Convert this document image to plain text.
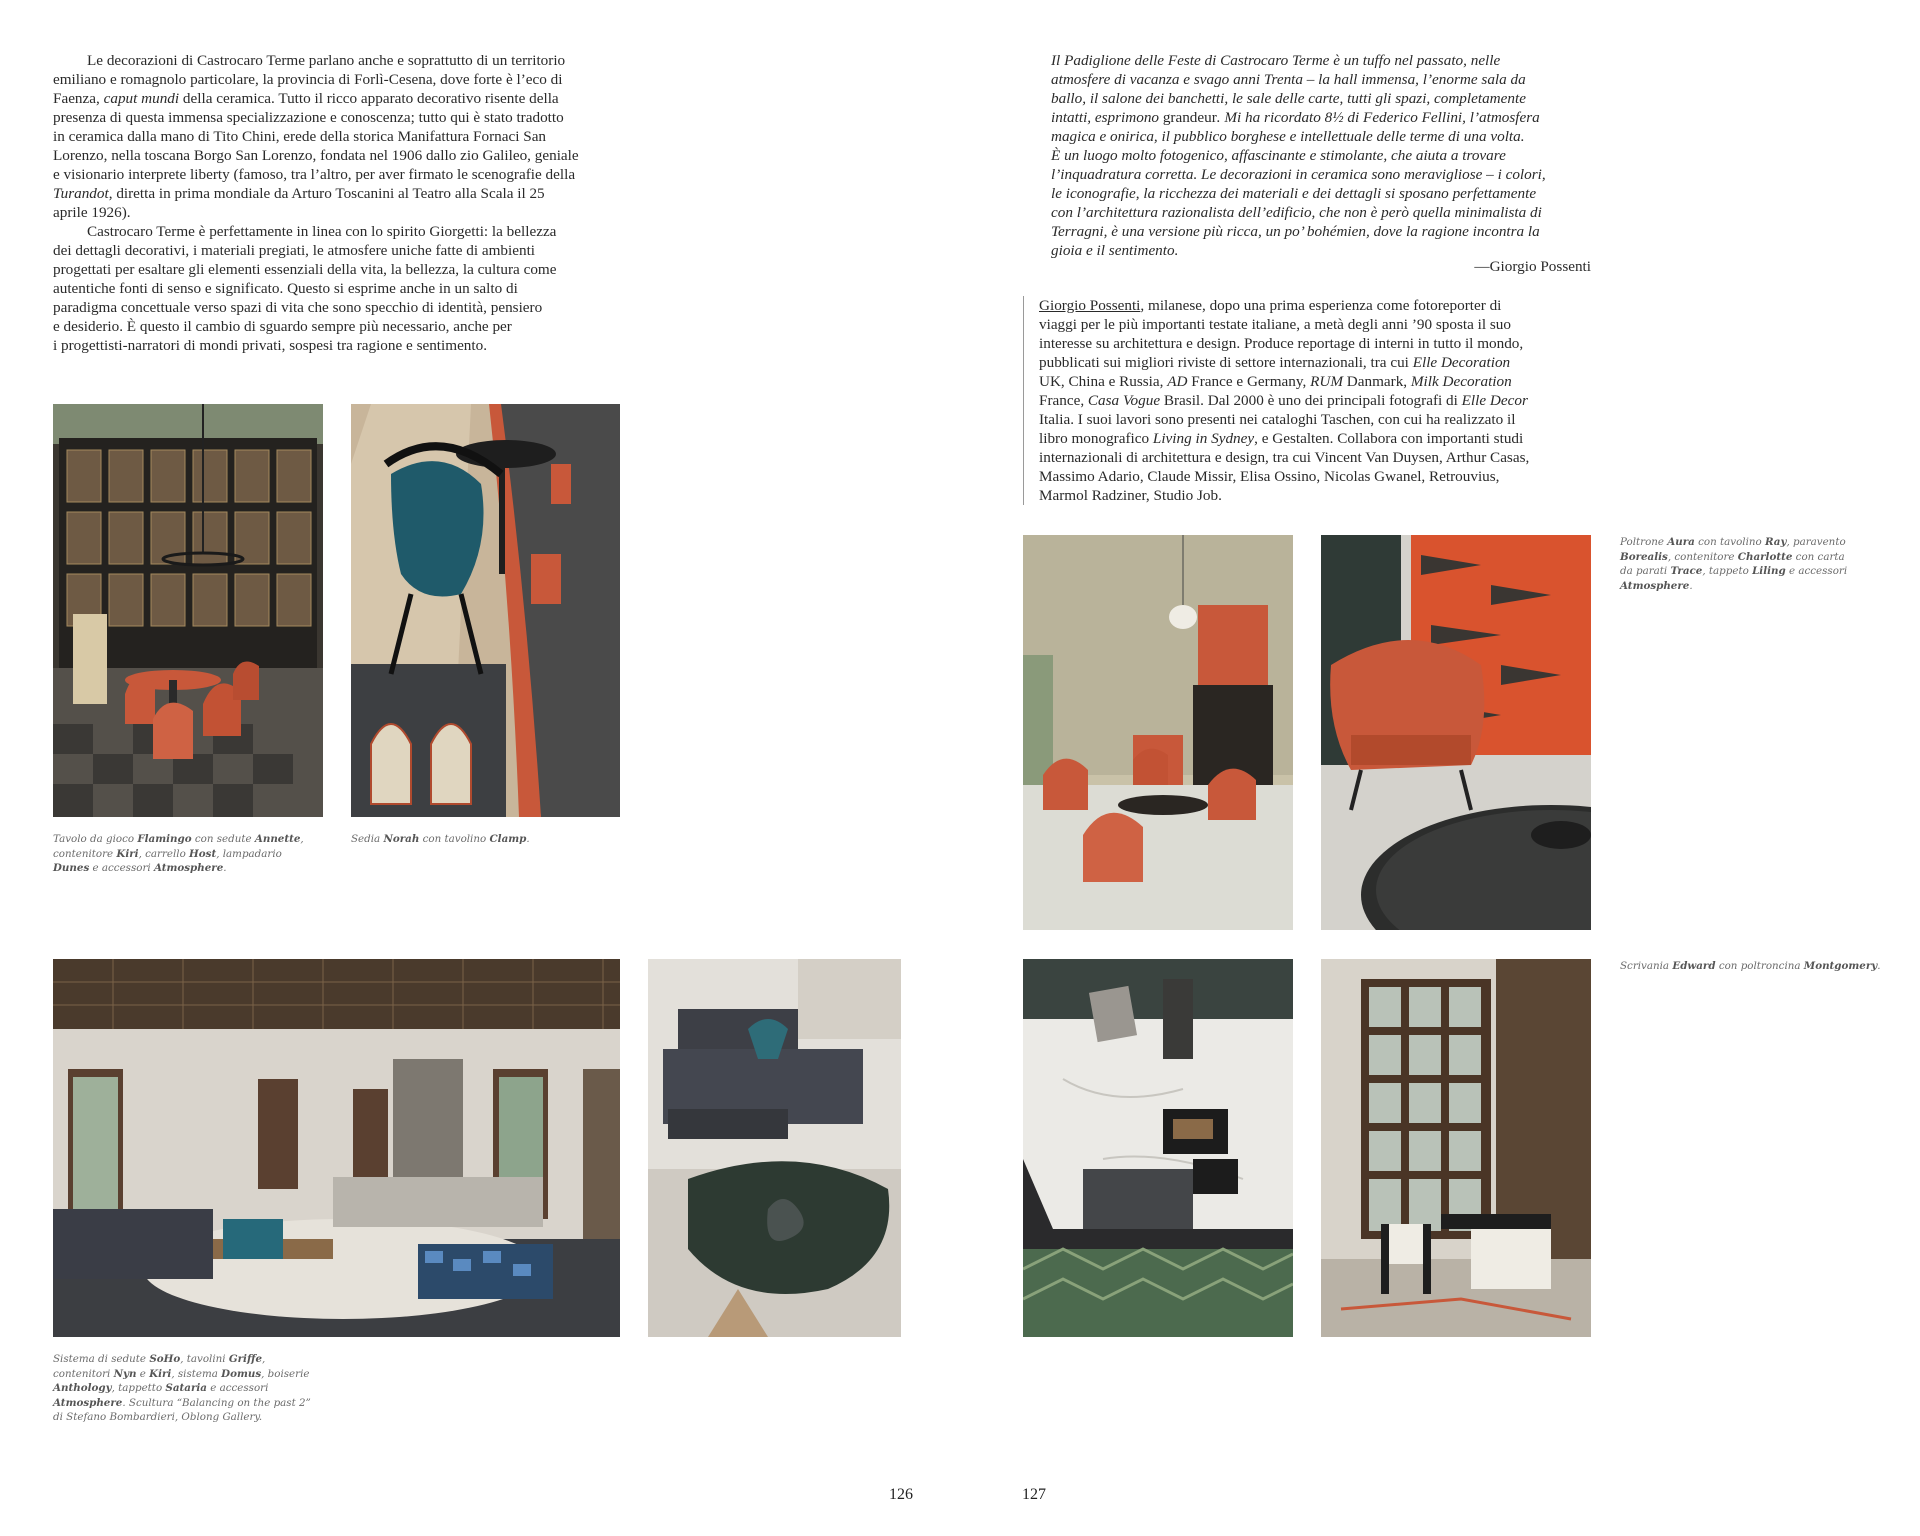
Le decorazioni di Castrocaro Terme parlano anche e soprattutto di un territorio
emiliano e romagnolo particolare, la provincia di Forlì-Cesena, dove forte è l’eco di
Faenza, caput mundi della ceramica. Tutto il ricco apparato decorativo risente della
presenza di questa immensa specializzazione e conoscenza; tutto qui è stato tradotto
in ceramica dalla mano di Tito Chini, erede della storica Manifattura Fornaci San
Lorenzo, nella toscana Borgo San Lorenzo, fondata nel 1906 dallo zio Galileo, geniale
e visionario interprete liberty (famoso, tra l’altro, per aver firmato le scenografie della
Turandot, diretta in prima mondiale da Arturo Toscanini al Teatro alla Scala il 25
aprile 1926).

Castrocaro Terme è perfettamente in linea con lo spirito Giorgetti: la bellezza
dei dettagli decorativi, i materiali pregiati, le atmosfere uniche fatte di ambienti
progettati per esaltare gli elementi essenziali della vita, la bellezza, la cultura come
autentiche fonti di senso e significato. Questo si esprime anche in un salto di
paradigma concettuale verso spazi di vita che sono specchio di identità, pensiero
e desiderio. È questo il cambio di sguardo sempre più necessario, anche per
i progettisti-narratori di mondi privati, sospesi tra ragione e sentimento.

Tavolo da gioco Flamingo con sedute Annette,
contenitore Kiri, carrello Host, lampadario
Dunes e accessori Atmosphere.
Sedia Norah con tavolino Clamp.
Sistema di sedute SoHo, tavolini Griffe,
contenitori Nyn e Kiri, sistema Domus, boiserie
Anthology, tappetto Sataria e accessori
Atmosphere. Scultura “Balancing on the past 2”
di Stefano Bombardieri, Oblong Gallery.
126	127
Il Padiglione delle Feste di Castrocaro Terme è un tuffo nel passato, nelle
atmosfere di vacanza e svago anni Trenta – la hall immensa, l’enorme sala da
ballo, il salone dei banchetti, le sale delle carte, tutti gli spazi, completamente
intatti, esprimono grandeur. Mi ha ricordato 8½ di Federico Fellini, l’atmosfera
magica e onirica, il pubblico borghese e intellettuale delle terme di una volta.
È un luogo molto fotogenico, affascinante e stimolante, che aiuta a trovare
l’inquadratura corretta. Le decorazioni in ceramica sono meravigliose – i colori,
le iconografie, la ricchezza dei materiali e dei dettagli si sposano perfettamente
con l’architettura razionalista dell’edificio, che non è però quella minimalista di
Terragni, è una versione più ricca, un po’ bohémien, dove la ragione incontra la
gioia e il sentimento.
—Giorgio Possenti
Giorgio Possenti, milanese, dopo una prima esperienza come fotoreporter di
viaggi per le più importanti testate italiane, a metà degli anni ’90 sposta il suo
interesse su architettura e design. Produce reportage di interni in tutto il mondo,
pubblicati sui migliori riviste di settore internazionali, tra cui Elle Decoration
UK, China e Russia, AD France e Germany, RUM Danmark, Milk Decoration
France, Casa Vogue Brasil. Dal 2000 è uno dei principali fotografi di Elle Decor
Italia. I suoi lavori sono presenti nei cataloghi Taschen, con cui ha realizzato il
libro monografico Living in Sydney, e Gestalten. Collabora con importanti studi
internazionali di architettura e design, tra cui Vincent Van Duysen, Arthur Casas,
Massimo Adario, Claude Missir, Elisa Ossino, Nicolas Gwanel, Retrouvius,
Marmol Radziner, Studio Job.
Poltrone Aura con tavolino Ray, paravento
Borealis, contenitore Charlotte con carta
da parati Trace, tappeto Liling e accessori
Atmosphere.
Scrivania Edward con poltroncina Montgomery.
